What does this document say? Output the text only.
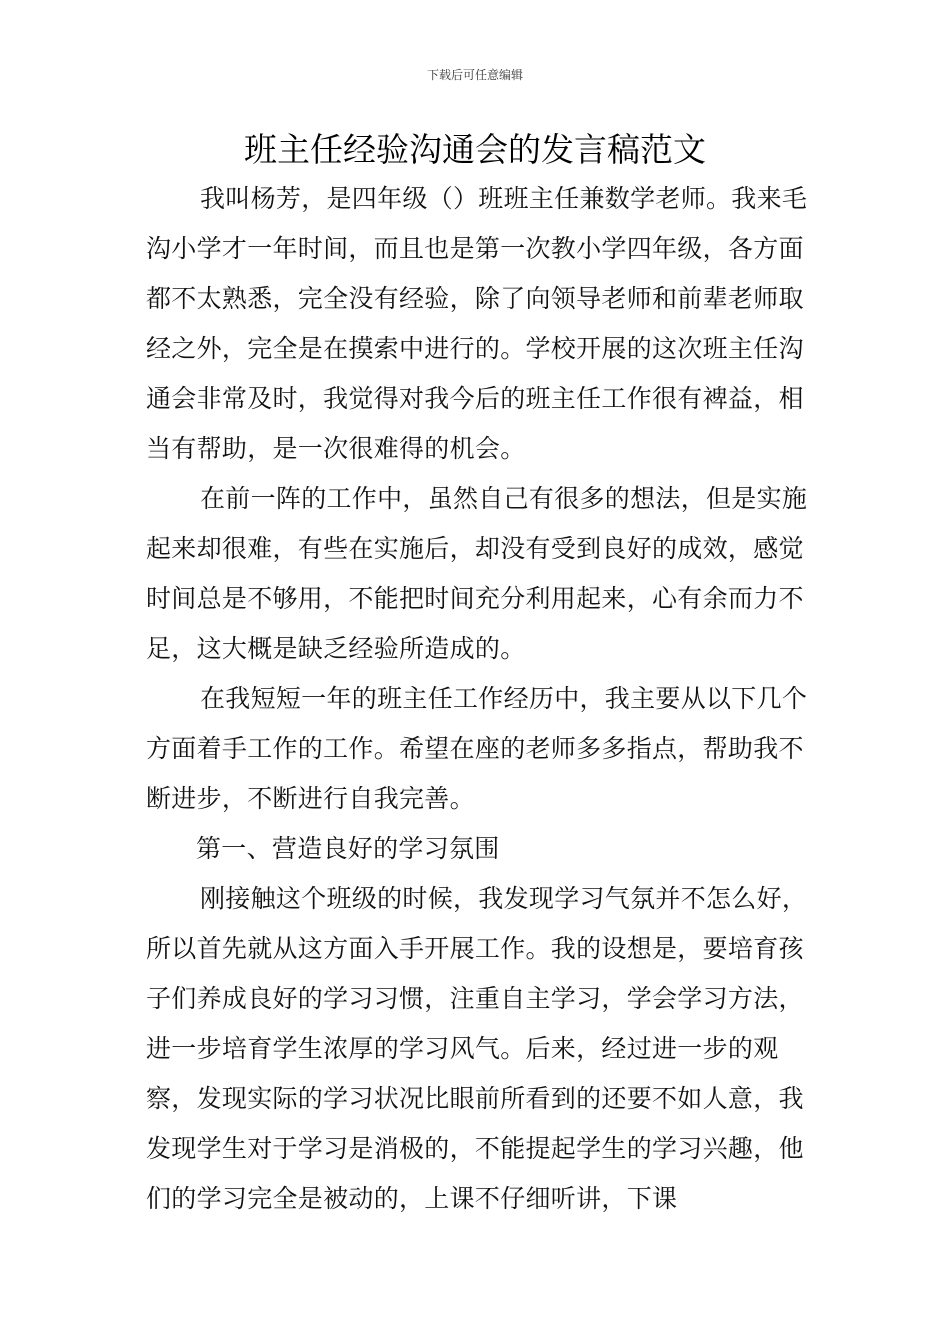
下载后可任意编辑
班主任经验沟通会的发言稿范文

我叫杨芳，是四年级（）班班主任兼数学老师。我来毛沟小学才一年时间，而且也是第一次教小学四年级，各方面都不太熟悉，完全没有经验，除了向领导老师和前辈老师取经之外，完全是在摸索中进行的。学校开展的这次班主任沟通会非常及时，我觉得对我今后的班主任工作很有裨益，相当有帮助，是一次很难得的机会。

在前一阵的工作中，虽然自己有很多的想法，但是实施起来却很难，有些在实施后，却没有受到良好的成效，感觉时间总是不够用，不能把时间充分利用起来，心有余而力不足，这大概是缺乏经验所造成的。

在我短短一年的班主任工作经历中，我主要从以下几个方面着手工作的工作。希望在座的老师多多指点，帮助我不断进步，不断进行自我完善。

第一、营造良好的学习氛围

刚接触这个班级的时候，我发现学习气氛并不怎么好，所以首先就从这方面入手开展工作。我的设想是，要培育孩子们养成良好的学习习惯，注重自主学习，学会学习方法，进一步培育学生浓厚的学习风气。后来，经过进一步的观察，发现实际的学习状况比眼前所看到的还要不如人意，我发现学生对于学习是消极的，不能提起学生的学习兴趣，他们的学习完全是被动的，上课不仔细听讲，下课
